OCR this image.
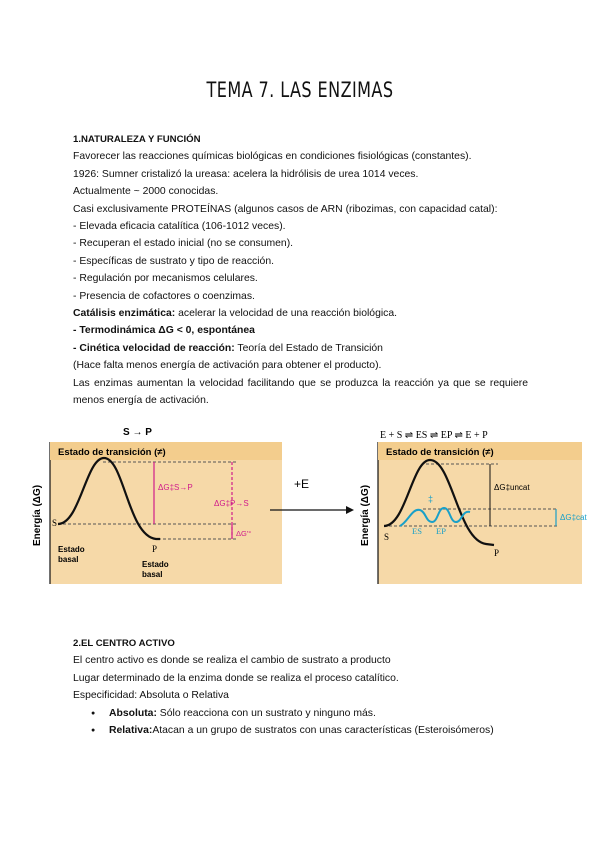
TEMA 7. LAS ENZIMAS
1.NATURALEZA Y FUNCIÓN
Favorecer las reacciones químicas biológicas en condiciones fisiológicas (constantes).
1926: Sumner cristalizó la ureasa: acelera la hidrólisis de urea 1014 veces.
Actualmente ~ 2000 conocidas.
Casi exclusivamente PROTEÍNAS (algunos casos de ARN (ribozimas, con capacidad catal):
- Elevada eficacia catalítica (106-1012 veces).
- Recuperan el estado inicial (no se consumen).
- Específicas de sustrato y tipo de reacción.
- Regulación por mecanismos celulares.
- Presencia de cofactores o coenzimas.
Catálisis enzimática: acelerar la velocidad de una reacción biológica.
- Termodinámica ΔG < 0, espontánea
- Cinética velocidad de reacción: Teoría del Estado de Transición
(Hace falta menos energía de activación para obtener el producto).
Las enzimas aumentan la velocidad facilitando que se produzca la reacción ya que se requiere menos energía de activación.
S → P
Energía (ΔG)
Estado de transición (≠)
ΔG‡S→P
ΔG‡P→S
ΔG'°
S
P
Estado
basal
Estado
basal
+E
E + S ⇌ ES ⇌ EP ⇌ E + P
Energía (ΔG)
Estado de transición (≠)
ΔG‡uncat
ΔG‡cat
‡
ES EP
S
P
2.EL CENTRO ACTIVO
El centro activo es donde se realiza el cambio de sustrato a producto
Lugar determinado de la enzima donde se realiza el proceso catalítico.
Especificidad: Absoluta o Relativa
● Absoluta: Sólo reacciona con un sustrato y ninguno más.
● Relativa:Atacan a un grupo de sustratos con unas características (Esteroisómeros)
